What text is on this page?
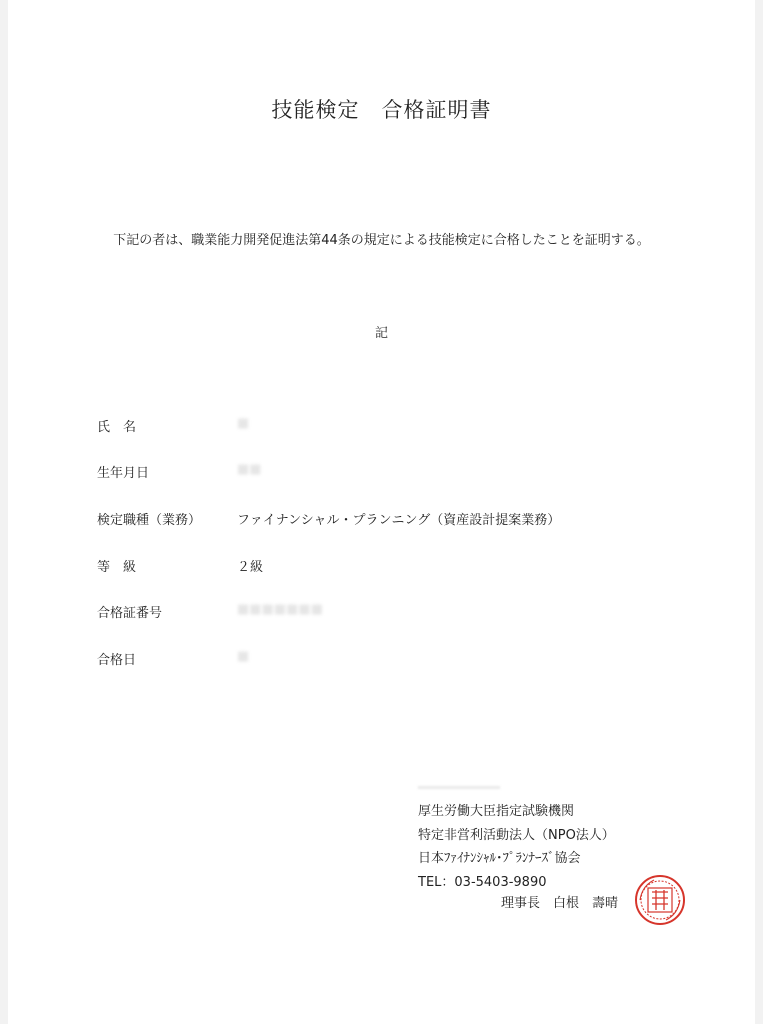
技能検定　合格証明書
下記の者は、職業能力開発促進法第44条の規定による技能検定に合格したことを証明する。
記
氏　名	■
生年月日	■■
検定職種（業務）	ファイナンシャル・プランニング（資産設計提案業務）
等　級	２級
合格証番号	■■■■■■■
合格日	■
厚生労働大臣指定試験機関
特定非営利活動法人（NPO法人）
日本ﾌｧｲﾅﾝｼｬﾙ･ﾌﾟﾗﾝﾅｰｽﾞ協会
TEL：03-5403-9890
理事長　白根　壽晴
